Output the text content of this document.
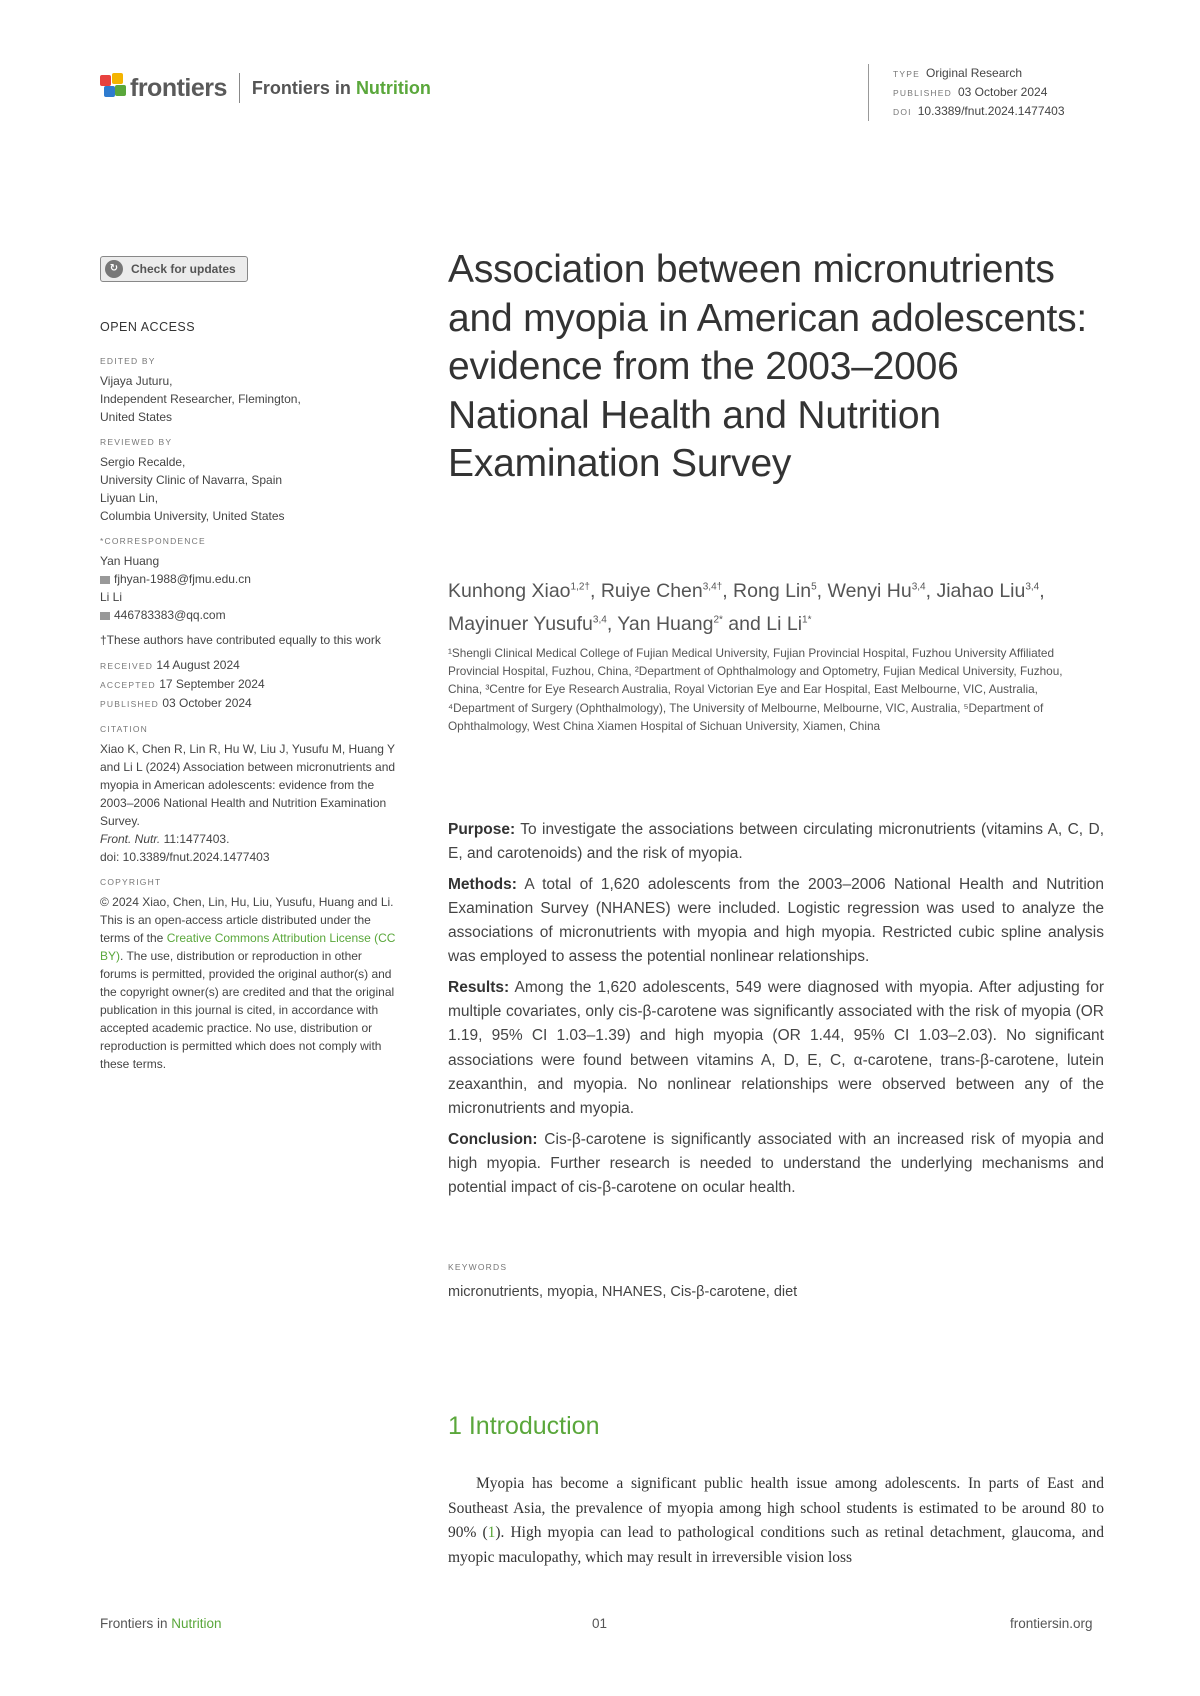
frontiers Frontiers in Nutrition
TYPE Original Research
PUBLISHED 03 October 2024
DOI 10.3389/fnut.2024.1477403
↻	Check for updates
OPEN ACCESS
EDITED BY
Vijaya Juturu,
Independent Researcher, Flemington,
United States
REVIEWED BY
Sergio Recalde,
University Clinic of Navarra, Spain
Liyuan Lin,
Columbia University, United States
*CORRESPONDENCE
Yan Huang
fjhyan-1988@fjmu.edu.cn
Li Li
446783383@qq.com
†These authors have contributed equally to this work
RECEIVED 14 August 2024
ACCEPTED 17 September 2024
PUBLISHED 03 October 2024
CITATION
Xiao K, Chen R, Lin R, Hu W, Liu J, Yusufu M, Huang Y and Li L (2024) Association between micronutrients and myopia in American adolescents: evidence from the 2003–2006 National Health and Nutrition Examination Survey.
Front. Nutr. 11:1477403.
doi: 10.3389/fnut.2024.1477403
COPYRIGHT
© 2024 Xiao, Chen, Lin, Hu, Liu, Yusufu, Huang and Li. This is an open-access article distributed under the terms of the Creative Commons Attribution License (CC BY). The use, distribution or reproduction in other forums is permitted, provided the original author(s) and the copyright owner(s) are credited and that the original publication in this journal is cited, in accordance with accepted academic practice. No use, distribution or reproduction is permitted which does not comply with these terms.
Association between micronutrients and myopia in American adolescents: evidence from the 2003–2006 National Health and Nutrition Examination Survey
Kunhong Xiao$^{1,2\dagger}$, Ruiye Chen$^{3,4\dagger}$, Rong Lin$^5$, Wenyi Hu$^{3,4}$, Jiahao Liu$^{3,4}$, Mayinuer Yusufu$^{3,4}$, Yan Huang$^{2*}$ and Li $Li^{1*}$
¹Shengli Clinical Medical College of Fujian Medical University, Fujian Provincial Hospital, Fuzhou University Affiliated Provincial Hospital, Fuzhou, China, ²Department of Ophthalmology and Optometry, Fujian Medical University, Fuzhou, China, ³Centre for Eye Research Australia, Royal Victorian Eye and Ear Hospital, East Melbourne, VIC, Australia, ⁴Department of Surgery (Ophthalmology), The University of Melbourne, Melbourne, VIC, Australia, ⁵Department of Ophthalmology, West China Xiamen Hospital of Sichuan University, Xiamen, China

Purpose: To investigate the associations between circulating micronutrients (vitamins A, C, D, E, and carotenoids) and the risk of myopia.

Methods: A total of 1,620 adolescents from the 2003–2006 National Health and Nutrition Examination Survey (NHANES) were included. Logistic regression was used to analyze the associations of micronutrients with myopia and high myopia. Restricted cubic spline analysis was employed to assess the potential nonlinear relationships.

Results: Among the 1,620 adolescents, 549 were diagnosed with myopia. After adjusting for multiple covariates, only cis-β-carotene was significantly associated with the risk of myopia (OR 1.19, 95% CI 1.03–1.39) and high myopia (OR 1.44, 95% CI 1.03–2.03). No significant associations were found between vitamins A, D, E, C, α-carotene, trans-β-carotene, lutein zeaxanthin, and myopia. No nonlinear relationships were observed between any of the micronutrients and myopia.

Conclusion: Cis-β-carotene is significantly associated with an increased risk of myopia and high myopia. Further research is needed to understand the underlying mechanisms and potential impact of cis-β-carotene on ocular health.

KEYWORDS
micronutrients, myopia, NHANES, Cis-β-carotene, diet
1 Introduction

Myopia has become a significant public health issue among adolescents. In parts of East and Southeast Asia, the prevalence of myopia among high school students is estimated to be around 80 to 90% (1). High myopia can lead to pathological conditions such as retinal detachment, glaucoma, and myopic maculopathy, which may result in irreversible vision loss

Frontiers in Nutrition	01	frontiersin.org
